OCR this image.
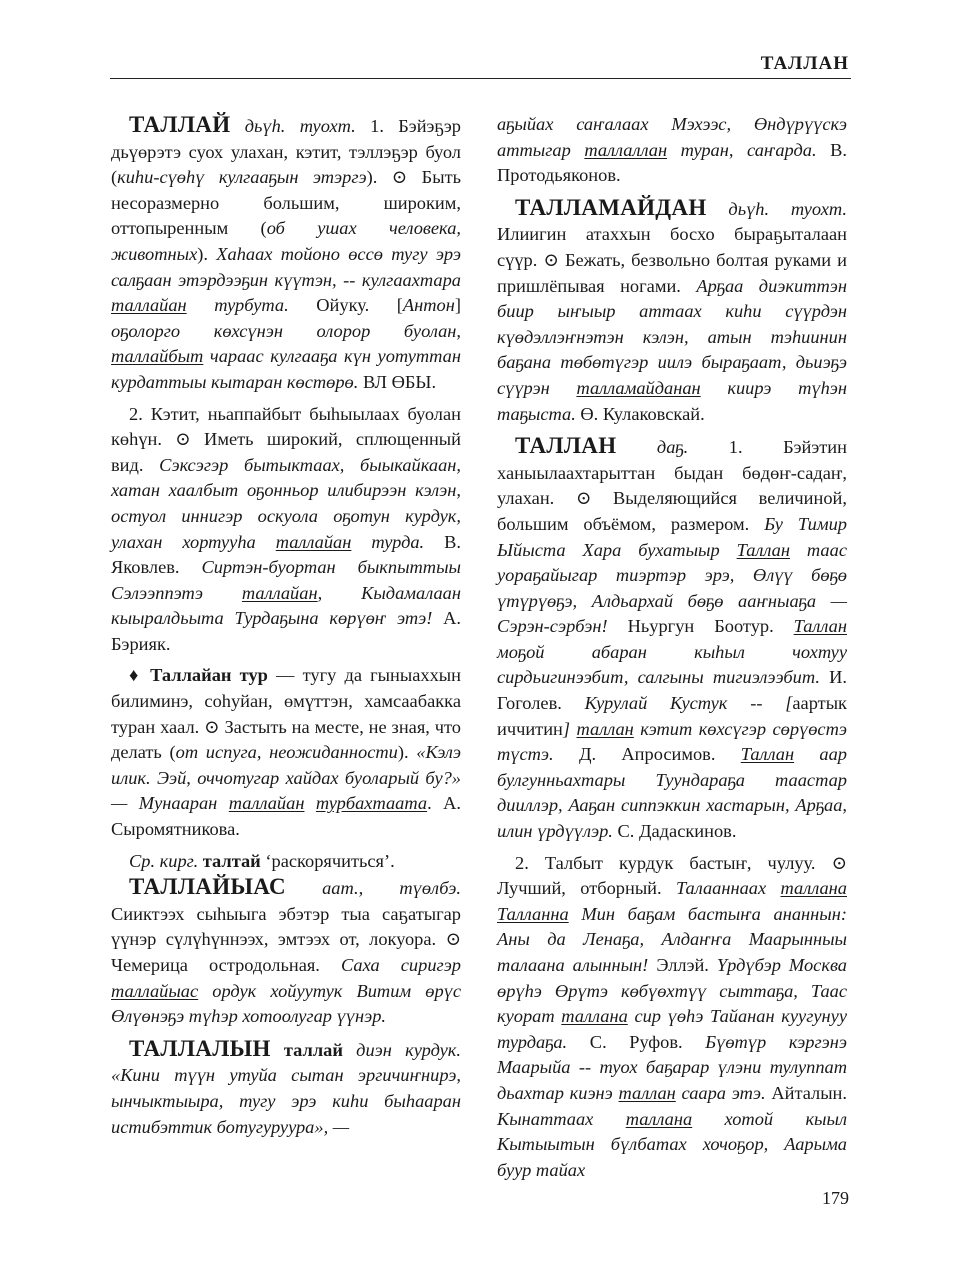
ТАЛЛАН

ТАЛЛАЙ дьүһ. туохт. 1. Бэйэҕэр дьүөрэтэ суох улахан, кэтит, тэллэҕэр буол (киһи-сүөһү кулгааҕын этэргэ). ⊙ Быть несоразмерно большим, широким, оттопыренным (об ушах человека, животных). Хаһаах тойоно өссө тугу эрэ салҕаан этэрдээҕин күүтэн, -- кулгаахтара таллайан турбута. Ойуку. [Антон] оҕолорго көхсүнэн олорор буолан, таллайбыт чараас кулгааҕа күн уотуттан курдаттыы кытаран көстөрө. ВЛ ӨБЫ.

2. Кэтит, ньаппайбыт быһыылаах буолан көһүн. ⊙ Иметь широкий, сплющенный вид. Сэксэгэр бытыктаах, быыкайкаан, хатан хаалбыт оҕонньор илибирээн кэлэн, остуол иннигэр оскуола оҕотун курдук, улахан хортууһа таллайан турда. В. Яковлев. Сиртэн-буортан быкпыттыы Сэлээппэтэ таллайан, Кыдамалаан кыыралдьыта Турдаҕына көрүөҥ этэ! А. Бэрияк.

♦ Таллайан тур — тугу да гыныаххын билиминэ, соһуйан, өмүттэн, хамсаабакка туран хаал. ⊙ Застыть на месте, не зная, что делать (от испуга, неожиданности). «Кэлэ илик. Ээй, оччотугар хайдах буоларый бу?» — Мунааран таллайан турбахтаата. А. Сыромятникова.

Ср. кирг. талтай ‘раскорячиться’.

ТАЛЛАЙЫАС аат., түөлбэ. Сииктээх сыһыыга эбэтэр тыа саҕатыгар үүнэр сүлүһүннээх, эмтээх от, локуора. ⊙ Чемерица остродольная. Саха сиригэр таллайыас ордук хойуутук Витим өрүс Өлүөнэҕэ түһэр хотоолугар үүнэр.

ТАЛЛАЛЫН таллай диэн курдук. «Кини түүн утуйа сытан эргичиҥнирэ, ынчыктыыра, тугу эрэ киһи быһааран истибэттик ботугуруура», —

аҕыйах саҥалаах Мэхээс, Өндүрүүскэ аттыгар таллаллан туран, саҥарда. В. Протодьяконов.

ТАЛЛАМАЙДАН дьүһ. туохт. Илиигин атаххын босхо быраҕыталаан сүүр. ⊙ Бежать, безвольно болтая руками и пришлёпывая ногами. Арҕаа диэкиттэн биир ыҥыыр аттаах киһи сүүрдэн күөдэллэҥнэтэн кэлэн, атын тэһиинин баҕана төбөтүгэр иилэ быраҕаат, дьиэҕэ сүүрэн талламайданан киирэ түһэн таҕыста. Ө. Кулаковскай.

ТАЛЛАН даҕ. 1. Бэйэтин ханыылаахтарыттан быдан бөдөҥ-садаҥ, улахан. ⊙ Выделяющийся величиной, большим объёмом, размером. Бу Тимир Ыйыста Хара бухатыыр Таллан таас уораҕайыгар тиэртэр эрэ, Өлүү бөҕө үтүрүөҕэ, Алдьархай бөҕө ааҥныаҕа — Сэрэн-сэрбэн! Ньургун Боотур. Таллан моҕой абаран кыһыл чохтуу сирдьигинээбит, салгыны тигиэлээбит. И. Гоголев. Курулай Кустук -- [аартык иччитин] таллан кэтит көхсүгэр сөрүөстэ түстэ. Д. Апросимов. Таллан аар булгунньахтары Туундараҕа таастар дииллэр, Ааҕан сиппэккин хастарын, Арҕаа, илин үрдүүлэр. С. Дадаскинов.

2. Талбыт курдук бастыҥ, чулуу. ⊙ Лучший, отборный. Талааннаах таллана Талланна Мин баҕам бастыҥа ананнын: Аны да Ленаҕа, Алдаҥҥа Маарынныы талаана алыннын! Эллэй. Үрдүбэр Москва өрүһэ Өрүтэ көбүөхтүү сыттаҕа, Таас куорат таллана сир үөһэ Тайанан куугунуу турдаҕа. С. Руфов. Бүөтүр кэргэнэ Маарыйа -- туох баҕарар үлэни тулуппат дьахтар киэнэ таллан саара этэ. Айталын. Кынаттаах таллана хотой кыыл Кытыытын бүлбатах хочоҕор, Аарыма буур тайах

179
